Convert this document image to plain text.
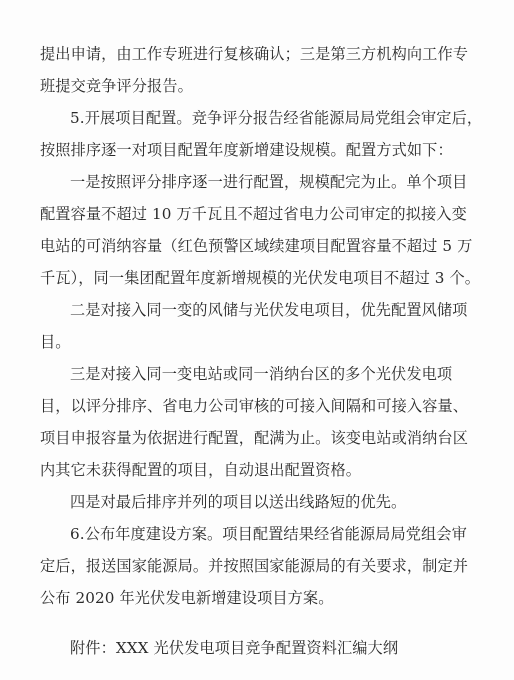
提出申请，由工作专班进行复核确认；三是第三方机构向工作专
班提交竞争评分报告。
5.开展项目配置。竞争评分报告经省能源局局党组会审定后，
按照排序逐一对项目配置年度新增建设规模。配置方式如下：
一是按照评分排序逐一进行配置，规模配完为止。单个项目
配置容量不超过 10 万千瓦且不超过省电力公司审定的拟接入变
电站的可消纳容量（红色预警区域续建项目配置容量不超过 5 万
千瓦），同一集团配置年度新增规模的光伏发电项目不超过 3 个。
二是对接入同一变的风储与光伏发电项目，优先配置风储项
目。
三是对接入同一变电站或同一消纳台区的多个光伏发电项
目，以评分排序、省电力公司审核的可接入间隔和可接入容量、
项目申报容量为依据进行配置，配满为止。该变电站或消纳台区
内其它未获得配置的项目，自动退出配置资格。
四是对最后排序并列的项目以送出线路短的优先。
6.公布年度建设方案。项目配置结果经省能源局局党组会审
定后，报送国家能源局。并按照国家能源局的有关要求，制定并
公布 2020 年光伏发电新增建设项目方案。
附件：XXX 光伏发电项目竞争配置资料汇编大纲
